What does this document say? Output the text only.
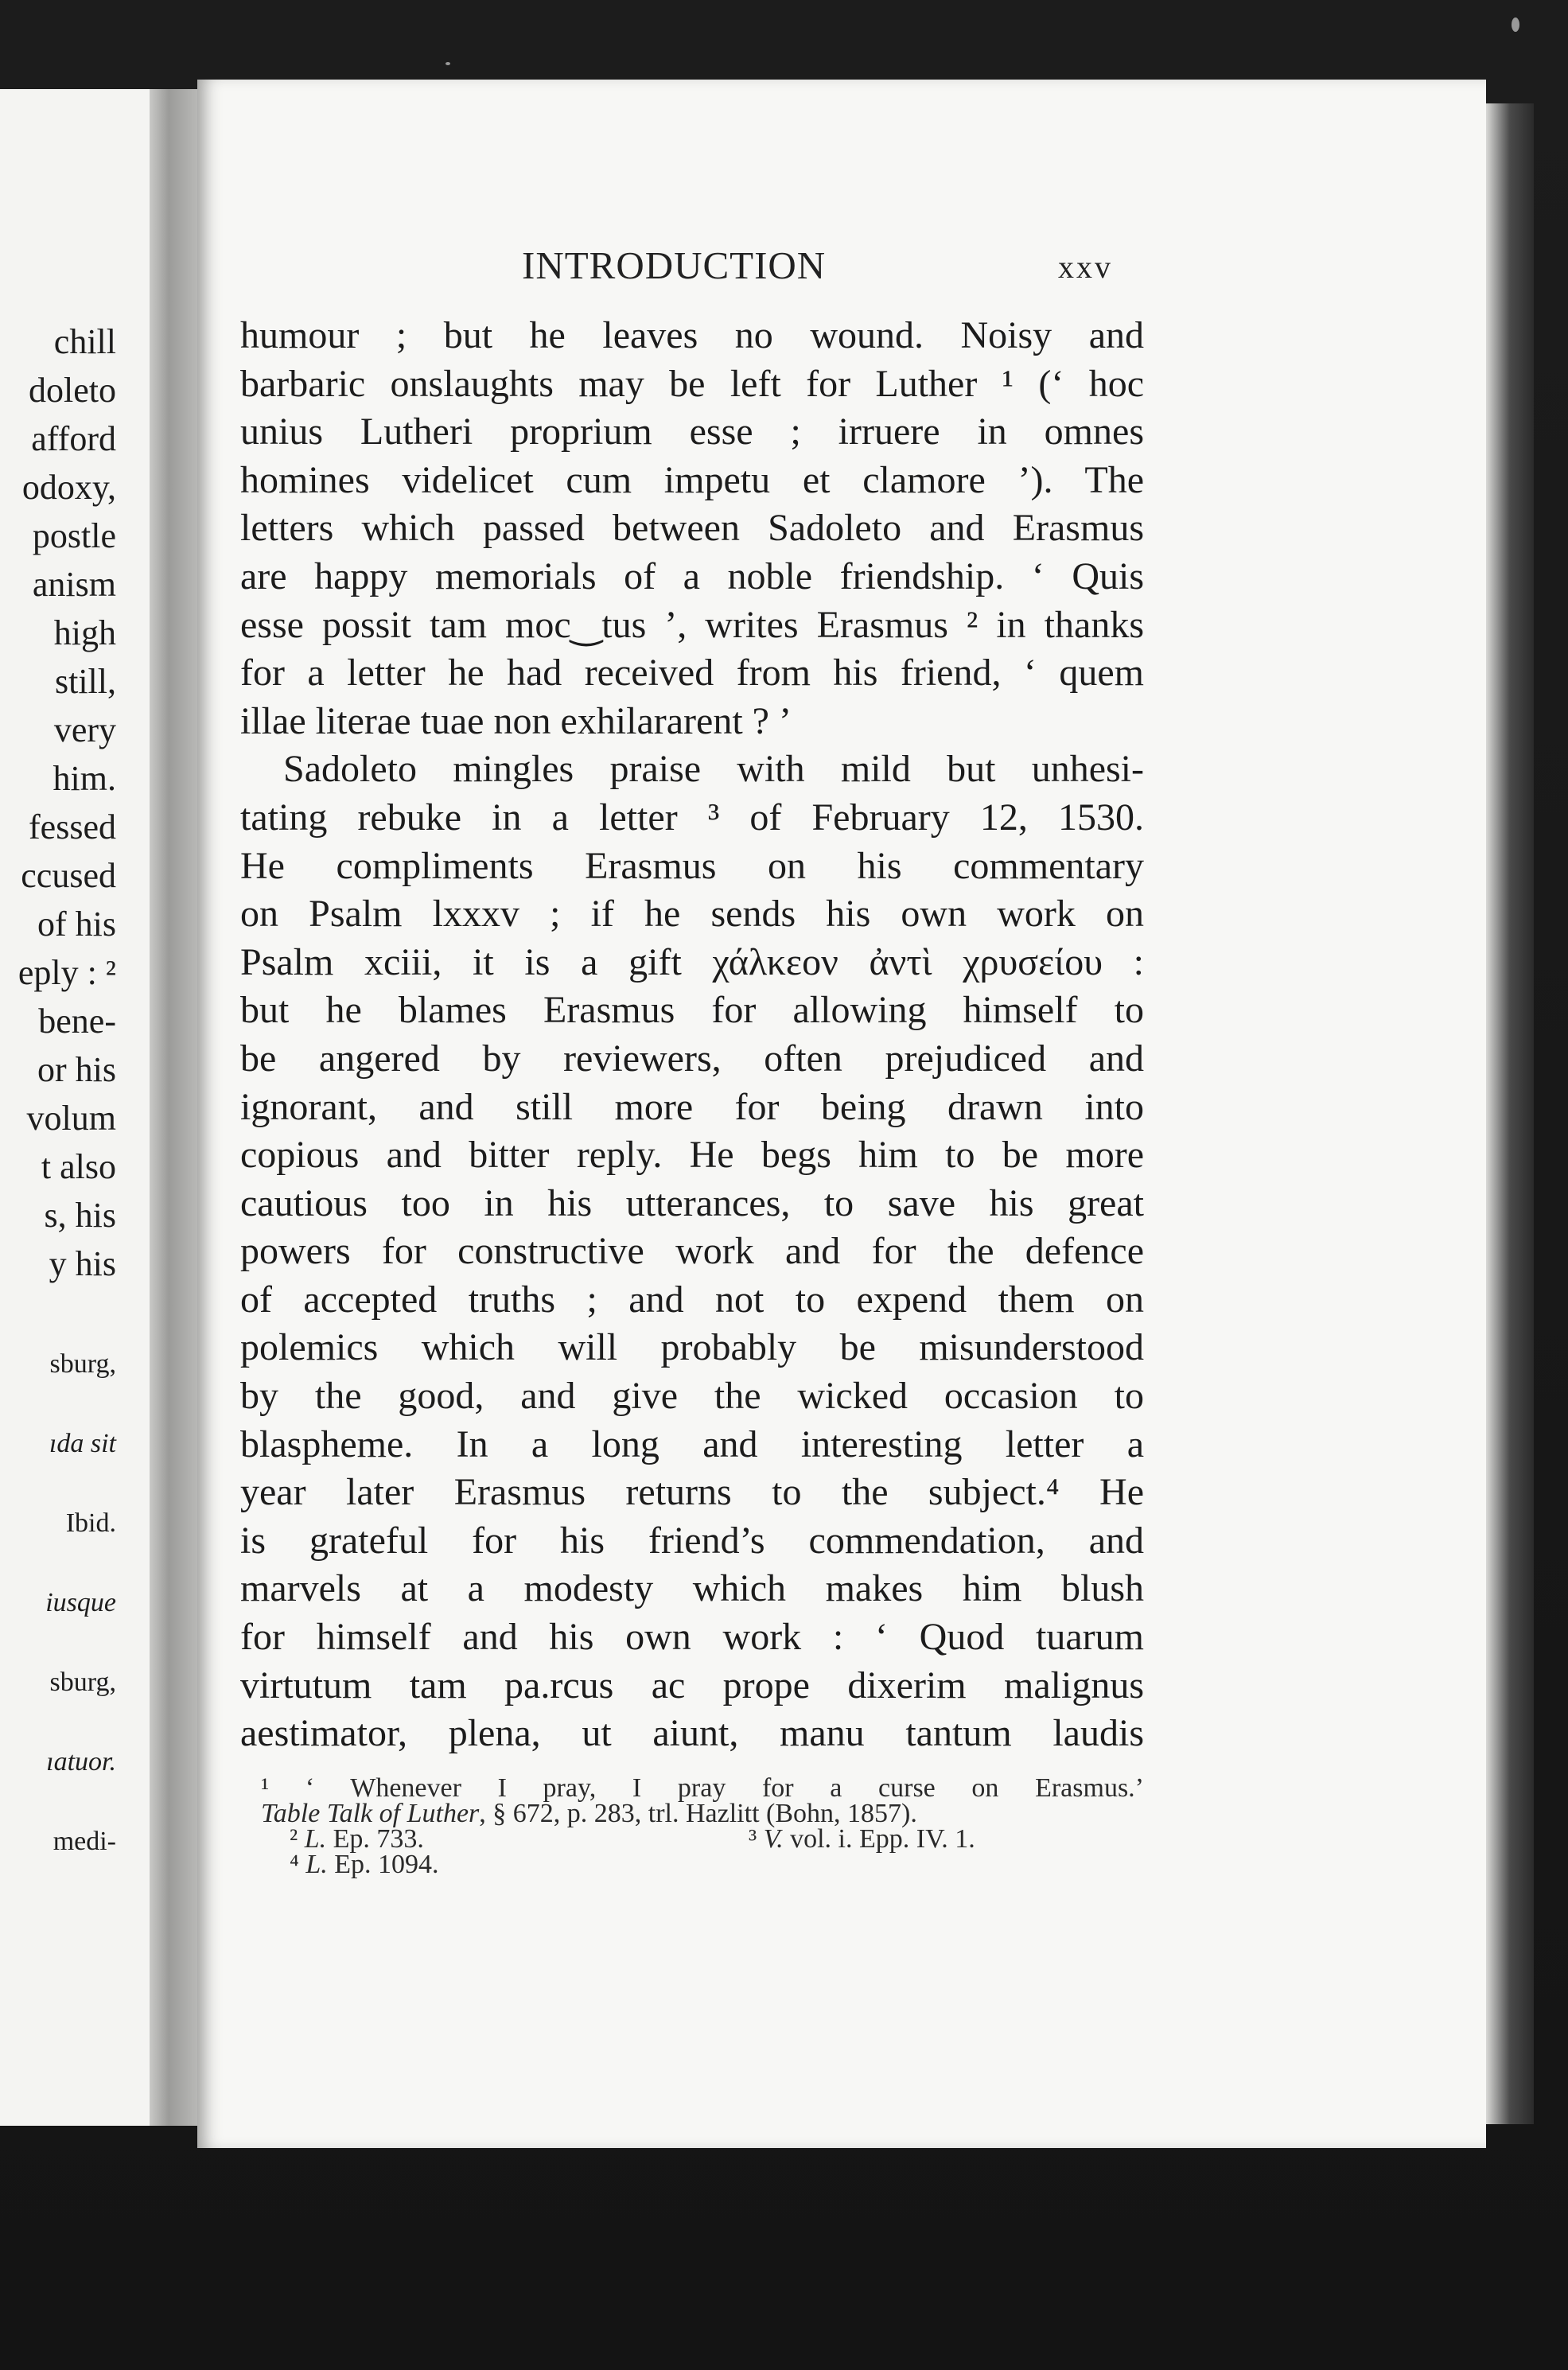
chill
doleto
afford
odoxy,
postle
anism
high
still,
very
him.
fessed
ccused
of his
eply : ²
bene-
or his
volum
t also
s, his
y his
sburg,
ıda sit
Ibid.
iusque
sburg,
ıatuor.
medi-
INTRODUCTION	xxv
humour ; but he leaves no wound. Noisy and
barbaric onslaughts may be left for Luther ¹ (‘ hoc
unius Lutheri proprium esse ; irruere in omnes
homines videlicet cum impetu et clamore ’). The
letters which passed between Sadoleto and Erasmus
are happy memorials of a noble friendship. ‘ Quis
esse possit tam moc‿tus ’, writes Erasmus ² in thanks
for a letter he had received from his friend, ‘ quem
illae literae tuae non exhilararent ? ’
Sadoleto mingles praise with mild but unhesi-
tating rebuke in a letter ³ of February 12, 1530.
He compliments Erasmus on his commentary
on Psalm lxxxv ; if he sends his own work on
Psalm xciii, it is a gift χάλκεον ἀντὶ χρυσείου :
but he blames Erasmus for allowing himself to
be angered by reviewers, often prejudiced and
ignorant, and still more for being drawn into
copious and bitter reply. He begs him to be more
cautious too in his utterances, to save his great
powers for constructive work and for the defence
of accepted truths ; and not to expend them on
polemics which will probably be misunderstood
by the good, and give the wicked occasion to
blaspheme. In a long and interesting letter a
year later Erasmus returns to the subject.⁴ He
is grateful for his friend’s commendation, and
marvels at a modesty which makes him blush
for himself and his own work : ‘ Quod tuarum
virtutum tam pa.rcus ac prope dixerim malignus
aestimator, plena, ut aiunt, manu tantum laudis
¹ ‘ Whenever I pray, I pray for a curse on Erasmus.’
Table Talk of Luther, § 672, p. 283, trl. Hazlitt (Bohn, 1857).
² L. Ep. 733.	³ V. vol. i. Epp. IV. 1.
⁴ L. Ep. 1094.
